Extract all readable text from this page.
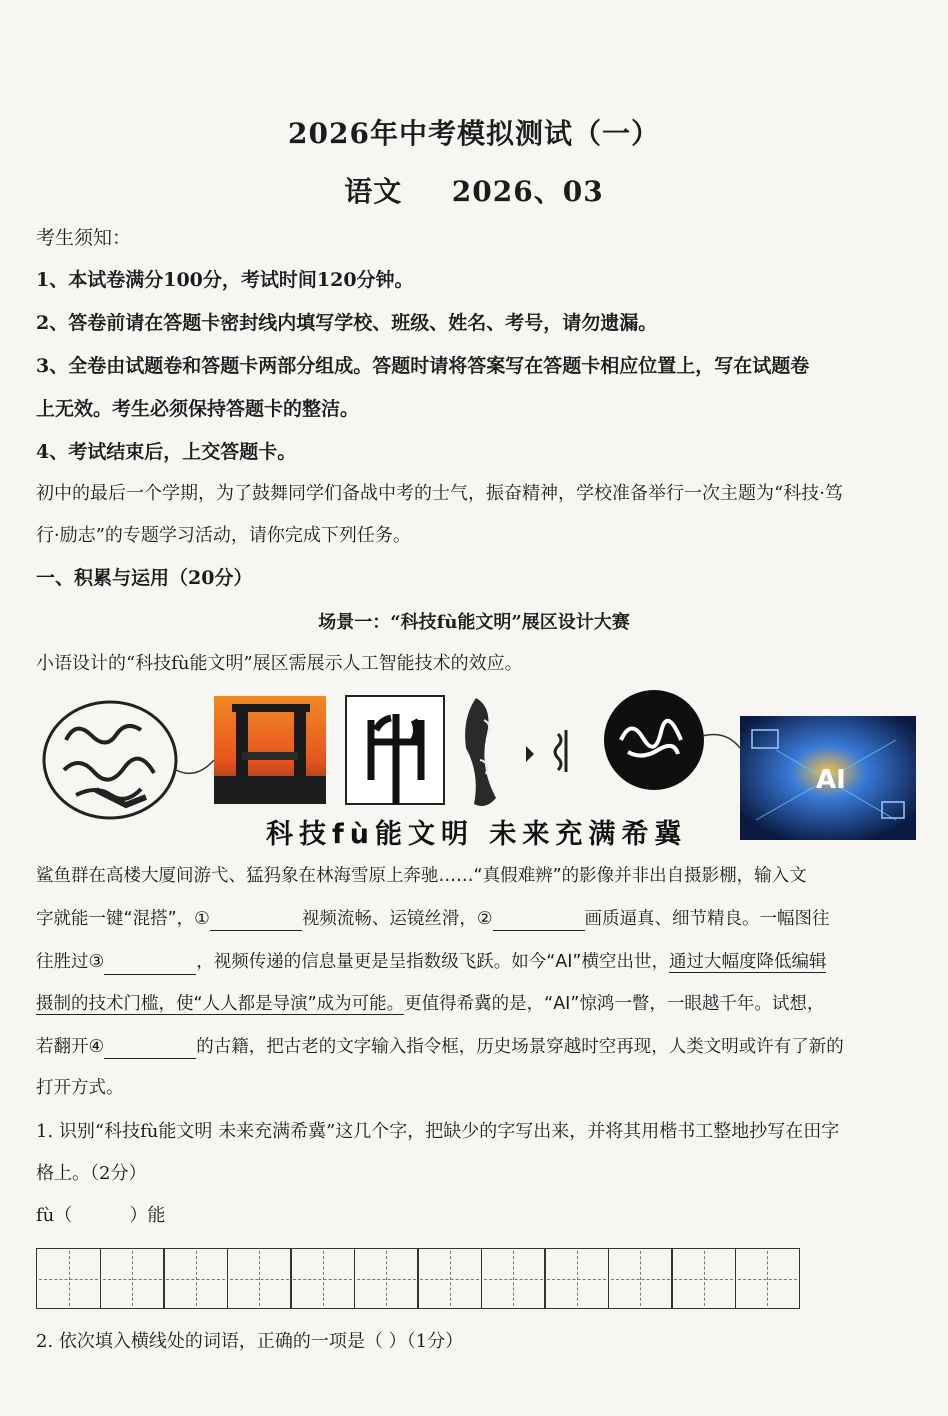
2026年中考模拟测试（一）
语文 2026、03
考生须知：
1、本试卷满分100分，考试时间120分钟。
2、答卷前请在答题卡密封线内填写学校、班级、姓名、考号，请勿遗漏。
3、全卷由试题卷和答题卡两部分组成。答题时请将答案写在答题卡相应位置上，写在试题卷
上无效。考生必须保持答题卡的整洁。
4、考试结束后，上交答题卡。
初中的最后一个学期，为了鼓舞同学们备战中考的士气，振奋精神，学校准备举行一次主题为“科技·笃
行·励志”的专题学习活动，请你完成下列任务。
一、积累与运用（20分）
场景一：“科技fù能文明”展区设计大赛
小语设计的“科技fù能文明”展区需展示人工智能技术的效应。
AI
科技fù能文明 未来充满希冀
鲨鱼群在高楼大厦间游弋、猛犸象在林海雪原上奔驰……“真假难辨”的影像并非出自摄影棚，输入文
字就能一键“混搭”，①	视频流畅、运镜丝滑，②	画质逼真、细节精良。一幅图往
往胜过③	，视频传递的信息量更是呈指数级飞跃。如今“AI”横空出世，通过大幅度降低编辑
摄制的技术门槛，使“人人都是导演”成为可能。更值得希冀的是，“AI”惊鸿一瞥，一眼越千年。试想，
若翻开④	的古籍，把古老的文字输入指令框，历史场景穿越时空再现，人类文明或许有了新的
打开方式。
1. 识别“科技fù能文明 未来充满希冀”这几个字，把缺少的字写出来，并将其用楷书工整地抄写在田字
格上。（2分）
fù（          ）能
2. 依次填入横线处的词语，正确的一项是（ ）（1分）
